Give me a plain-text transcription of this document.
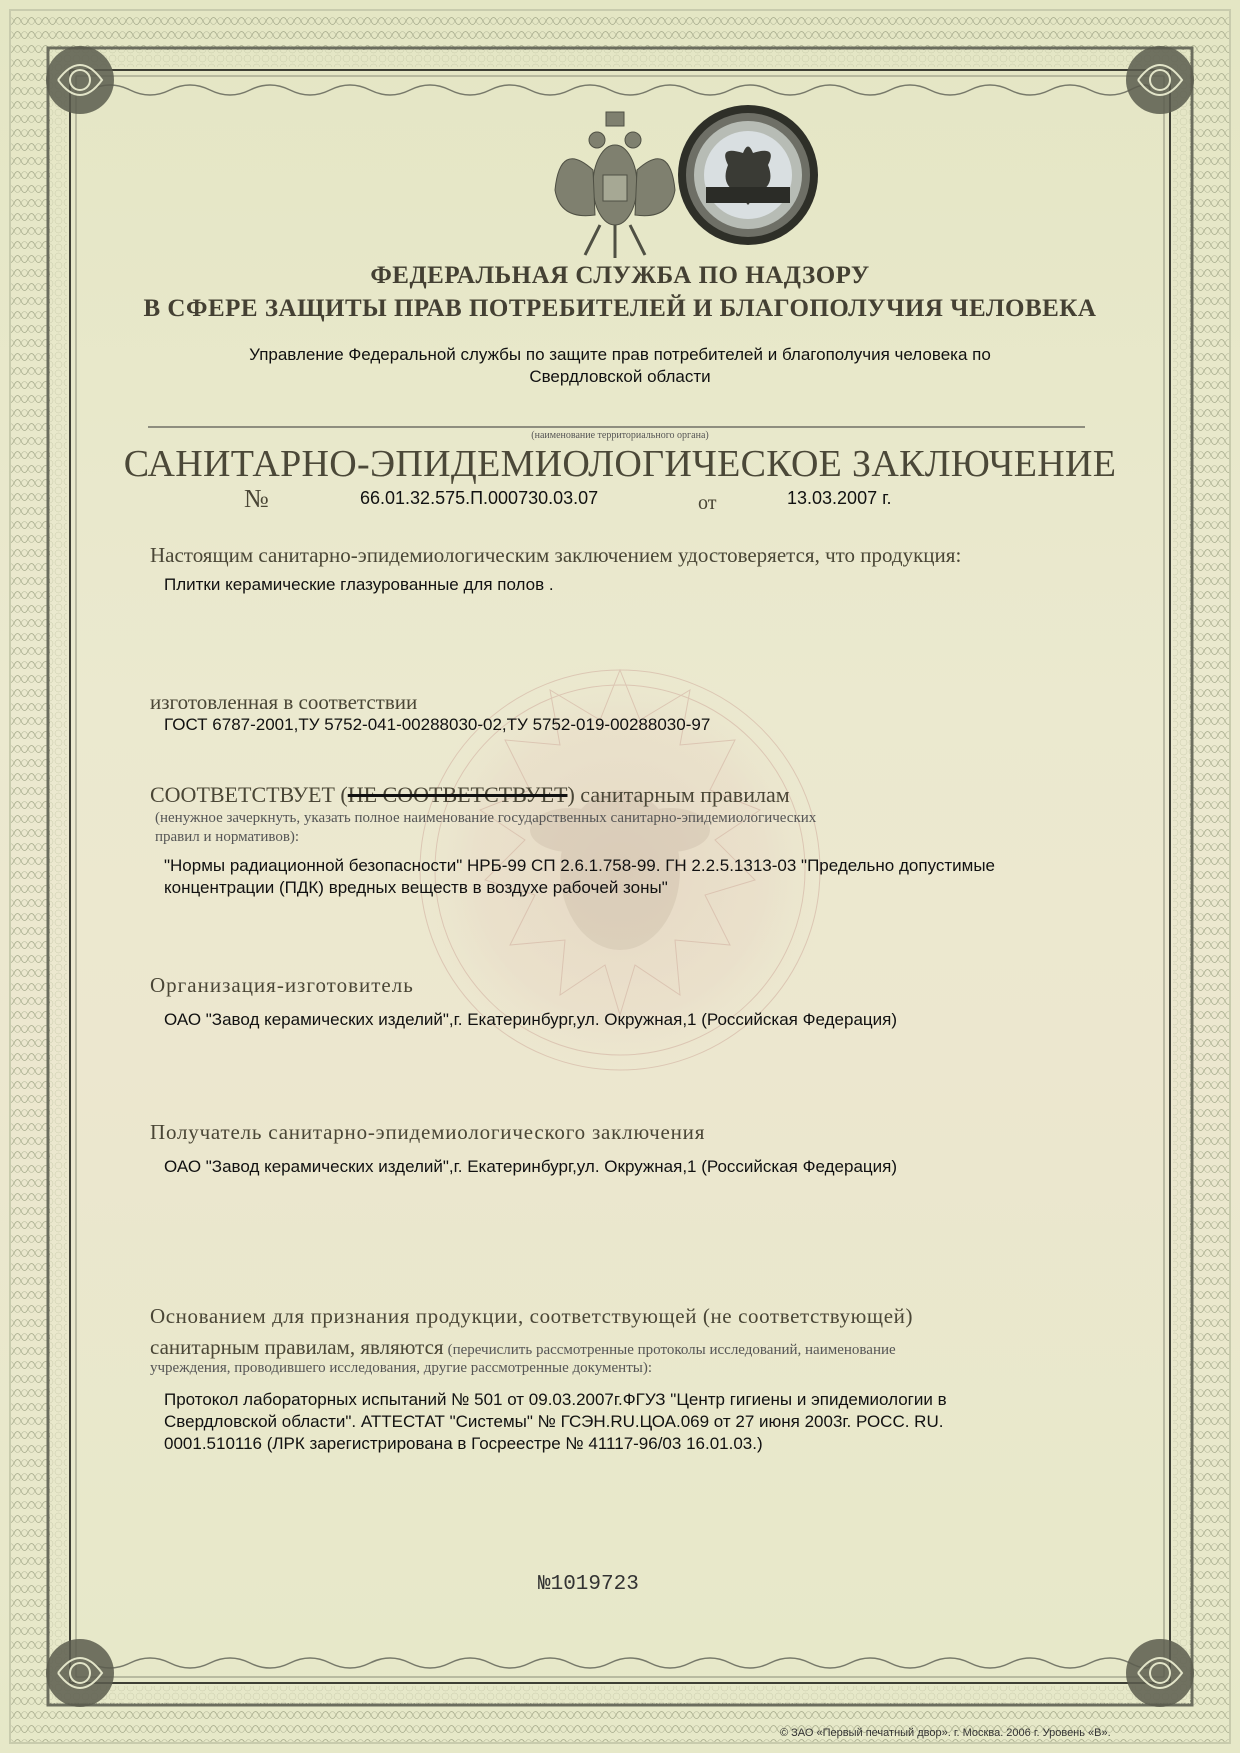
ФЕДЕРАЛЬНАЯ СЛУЖБА ПО НАДЗОРУ

В СФЕРЕ ЗАЩИТЫ ПРАВ ПОТРЕБИТЕЛЕЙ И БЛАГОПОЛУЧИЯ ЧЕЛОВЕКА

Управление Федеральной службы по защите прав потребителей и благополучия человека по

Свердловской области

(наименование территориального органа)

САНИТАРНО-ЭПИДЕМИОЛОГИЧЕСКОЕ ЗАКЛЮЧЕНИЕ

№	66.01.32.575.П.000730.03.07	от	13.03.2007 г.

Настоящим санитарно-эпидемиологическим заключением удостоверяется, что продукция:

Плитки керамические глазурованные для полов .

изготовленная в соответствии

ГОСТ 6787-2001,ТУ 5752-041-00288030-02,ТУ 5752-019-00288030-97

СООТВЕТСТВУЕТ (НЕ СООТВЕТСТВУЕТ) санитарным правилам

(ненужное зачеркнуть, указать полное наименование государственных санитарно-эпидемиологических

правил и нормативов):

"Нормы радиационной безопасности" НРБ-99 СП 2.6.1.758-99. ГН 2.2.5.1313-03 "Предельно допустимые

концентрации (ПДК) вредных веществ в воздухе рабочей зоны"

Организация-изготовитель

ОАО "Завод керамических изделий",г. Екатеринбург,ул. Окружная,1 (Российская Федерация)

Получатель санитарно-эпидемиологического заключения

ОАО "Завод керамических изделий",г. Екатеринбург,ул. Окружная,1 (Российская Федерация)

Основанием для признания продукции, соответствующей (не соответствующей)

санитарным правилам, являются (перечислить рассмотренные протоколы исследований, наименование

учреждения, проводившего исследования, другие рассмотренные документы):

Протокол лабораторных испытаний № 501 от 09.03.2007г.ФГУЗ "Центр гигиены и эпидемиологии в

Свердловской области". АТТЕСТАТ "Системы" № ГСЭН.RU.ЦОА.069 от 27 июня 2003г. РОСС. RU.

0001.510116 (ЛРК зарегистрирована в Госреестре № 41117-96/03 16.01.03.)

№1019723

© ЗАО «Первый печатный двор». г. Москва. 2006 г. Уровень «В».
